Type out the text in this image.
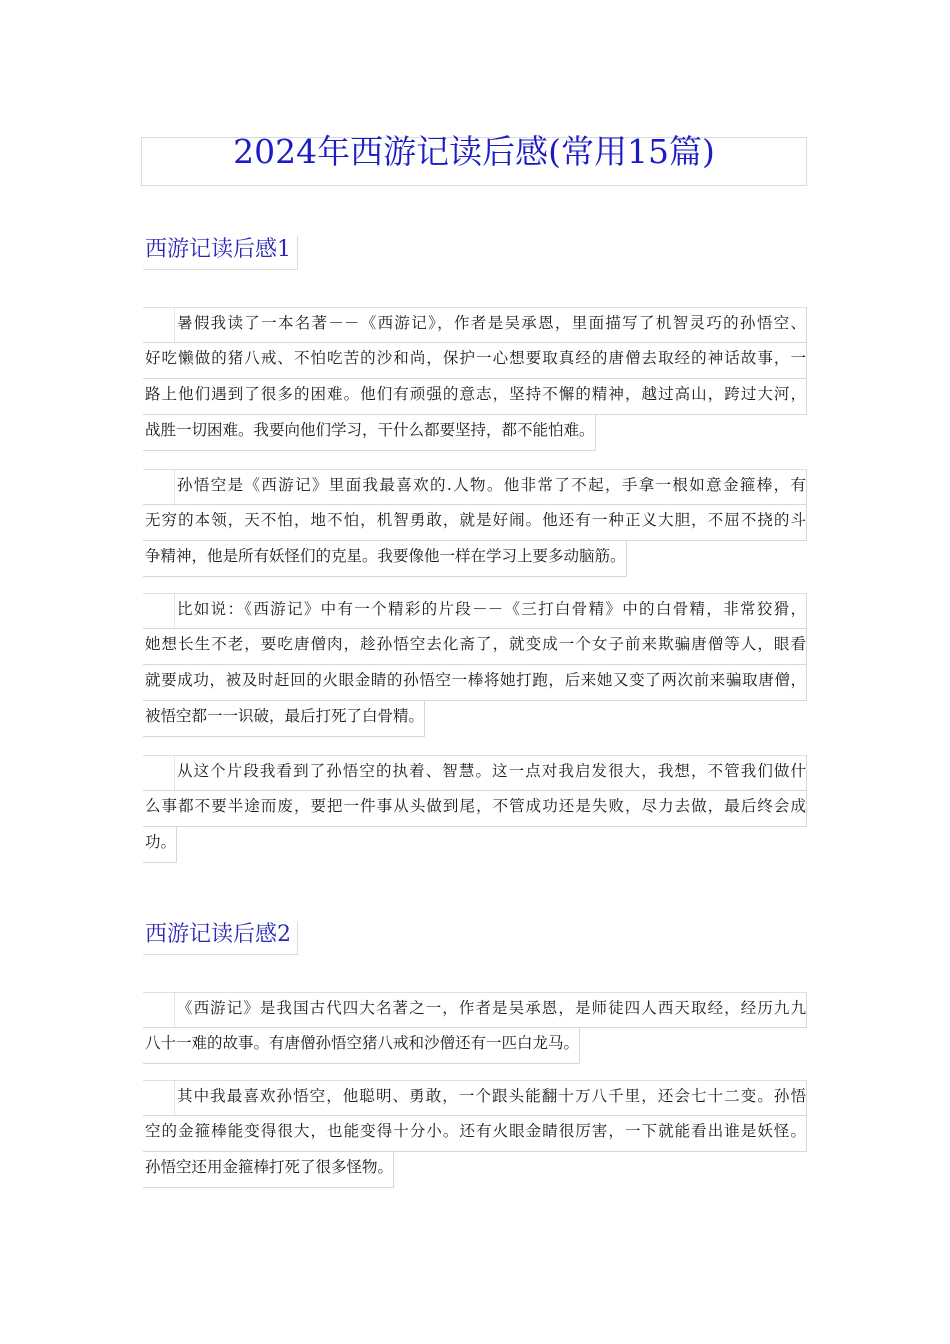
2024年西游记读后感(常用15篇)
西游记读后感1
暑假我读了一本名著－－《西游记》，作者是吴承恩，里面描写了机智灵巧的孙悟空、
好吃懒做的猪八戒、不怕吃苦的沙和尚，保护一心想要取真经的唐僧去取经的神话故事，一
路上他们遇到了很多的困难。他们有顽强的意志，坚持不懈的精神，越过高山，跨过大河，
战胜一切困难。我要向他们学习，干什么都要坚持，都不能怕难。
孙悟空是《西游记》里面我最喜欢的.人物。他非常了不起，手拿一根如意金箍棒，有
无穷的本领，天不怕，地不怕，机智勇敢，就是好闹。他还有一种正义大胆，不屈不挠的斗
争精神，他是所有妖怪们的克星。我要像他一样在学习上要多动脑筋。
比如说：《西游记》中有一个精彩的片段－－《三打白骨精》中的白骨精，非常狡猾，
她想长生不老，要吃唐僧肉，趁孙悟空去化斋了，就变成一个女子前来欺骗唐僧等人，眼看
就要成功，被及时赶回的火眼金睛的孙悟空一棒将她打跑，后来她又变了两次前来骗取唐僧，
被悟空都一一识破，最后打死了白骨精。
从这个片段我看到了孙悟空的执着、智慧。这一点对我启发很大，我想，不管我们做什
么事都不要半途而废，要把一件事从头做到尾，不管成功还是失败，尽力去做，最后终会成
功。
西游记读后感2
《西游记》是我国古代四大名著之一，作者是吴承恩，是师徒四人西天取经，经历九九
八十一难的故事。有唐僧孙悟空猪八戒和沙僧还有一匹白龙马。
其中我最喜欢孙悟空，他聪明、勇敢，一个跟头能翻十万八千里，还会七十二变。孙悟
空的金箍棒能变得很大，也能变得十分小。还有火眼金睛很厉害，一下就能看出谁是妖怪。
孙悟空还用金箍棒打死了很多怪物。
